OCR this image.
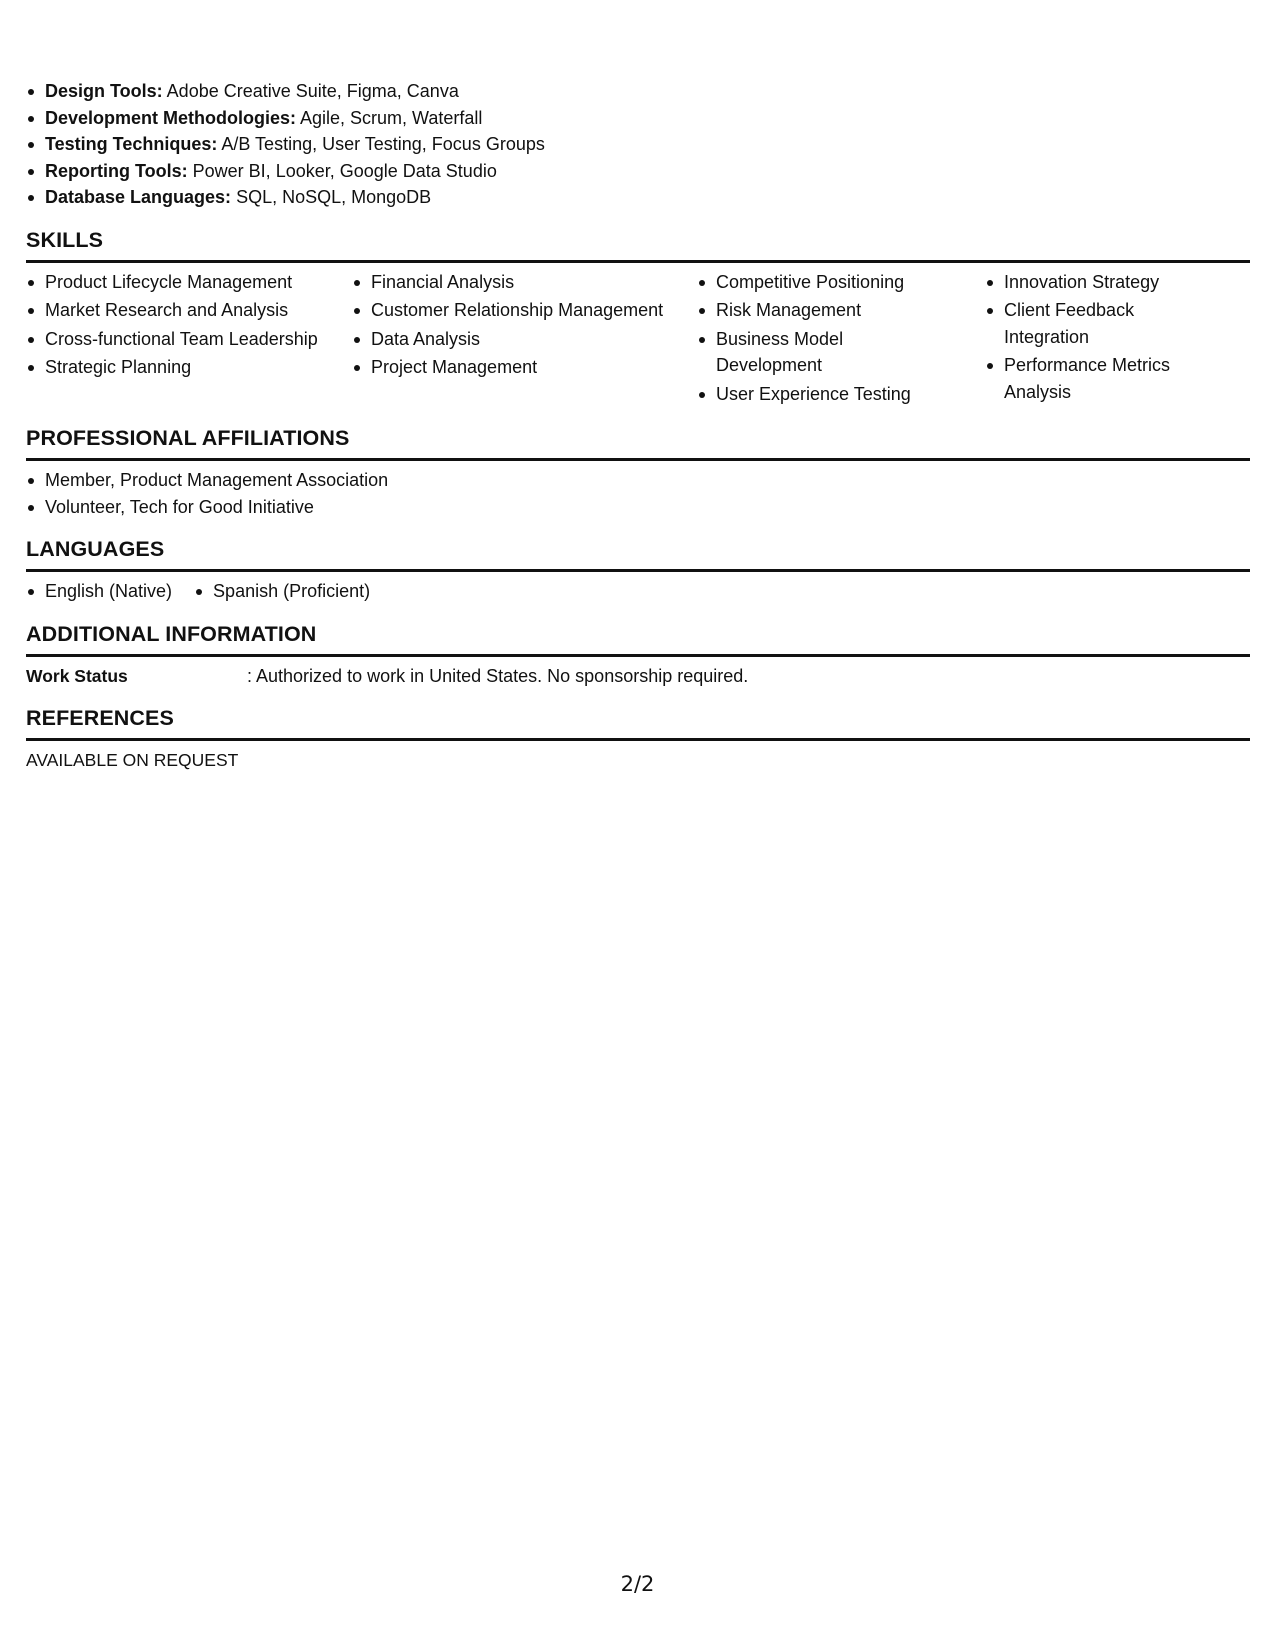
Design Tools: Adobe Creative Suite, Figma, Canva
Development Methodologies: Agile, Scrum, Waterfall
Testing Techniques: A/B Testing, User Testing, Focus Groups
Reporting Tools: Power BI, Looker, Google Data Studio
Database Languages: SQL, NoSQL, MongoDB
SKILLS
Product Lifecycle Management
Market Research and Analysis
Cross-functional Team Leadership
Strategic Planning
Financial Analysis
Customer Relationship Management
Data Analysis
Project Management
Competitive Positioning
Risk Management
Business Model Development
User Experience Testing
Innovation Strategy
Client Feedback Integration
Performance Metrics Analysis
PROFESSIONAL AFFILIATIONS
Member, Product Management Association
Volunteer, Tech for Good Initiative
LANGUAGES
English (Native)	Spanish (Proficient)
ADDITIONAL INFORMATION
Work Status	: Authorized to work in United States. No sponsorship required.
REFERENCES
AVAILABLE ON REQUEST
2/2
